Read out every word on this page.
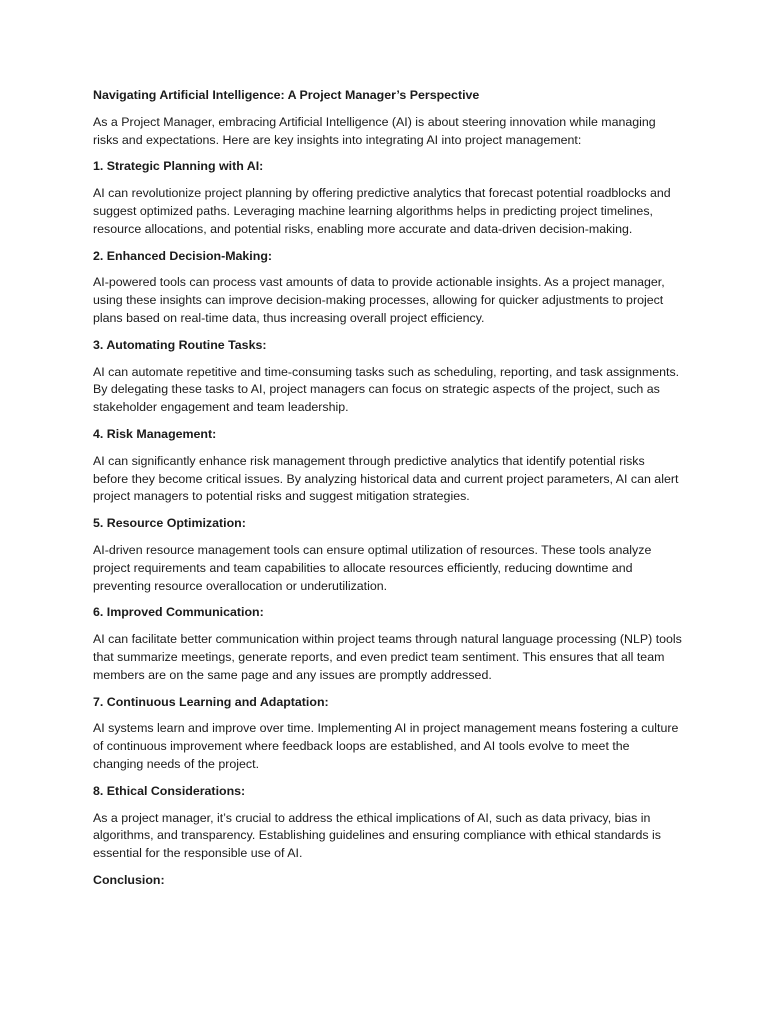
Navigating Artificial Intelligence: A Project Manager’s Perspective

As a Project Manager, embracing Artificial Intelligence (AI) is about steering innovation while managing risks and expectations. Here are key insights into integrating AI into project management:

1. Strategic Planning with AI:

AI can revolutionize project planning by offering predictive analytics that forecast potential roadblocks and suggest optimized paths. Leveraging machine learning algorithms helps in predicting project timelines, resource allocations, and potential risks, enabling more accurate and data-driven decision-making.

2. Enhanced Decision-Making:

AI-powered tools can process vast amounts of data to provide actionable insights. As a project manager, using these insights can improve decision-making processes, allowing for quicker adjustments to project plans based on real-time data, thus increasing overall project efficiency.

3. Automating Routine Tasks:

AI can automate repetitive and time-consuming tasks such as scheduling, reporting, and task assignments. By delegating these tasks to AI, project managers can focus on strategic aspects of the project, such as stakeholder engagement and team leadership.

4. Risk Management:

AI can significantly enhance risk management through predictive analytics that identify potential risks before they become critical issues. By analyzing historical data and current project parameters, AI can alert project managers to potential risks and suggest mitigation strategies.

5. Resource Optimization:

AI-driven resource management tools can ensure optimal utilization of resources. These tools analyze project requirements and team capabilities to allocate resources efficiently, reducing downtime and preventing resource overallocation or underutilization.

6. Improved Communication:

AI can facilitate better communication within project teams through natural language processing (NLP) tools that summarize meetings, generate reports, and even predict team sentiment. This ensures that all team members are on the same page and any issues are promptly addressed.

7. Continuous Learning and Adaptation:

AI systems learn and improve over time. Implementing AI in project management means fostering a culture of continuous improvement where feedback loops are established, and AI tools evolve to meet the changing needs of the project.

8. Ethical Considerations:

As a project manager, it’s crucial to address the ethical implications of AI, such as data privacy, bias in algorithms, and transparency. Establishing guidelines and ensuring compliance with ethical standards is essential for the responsible use of AI.

Conclusion:
